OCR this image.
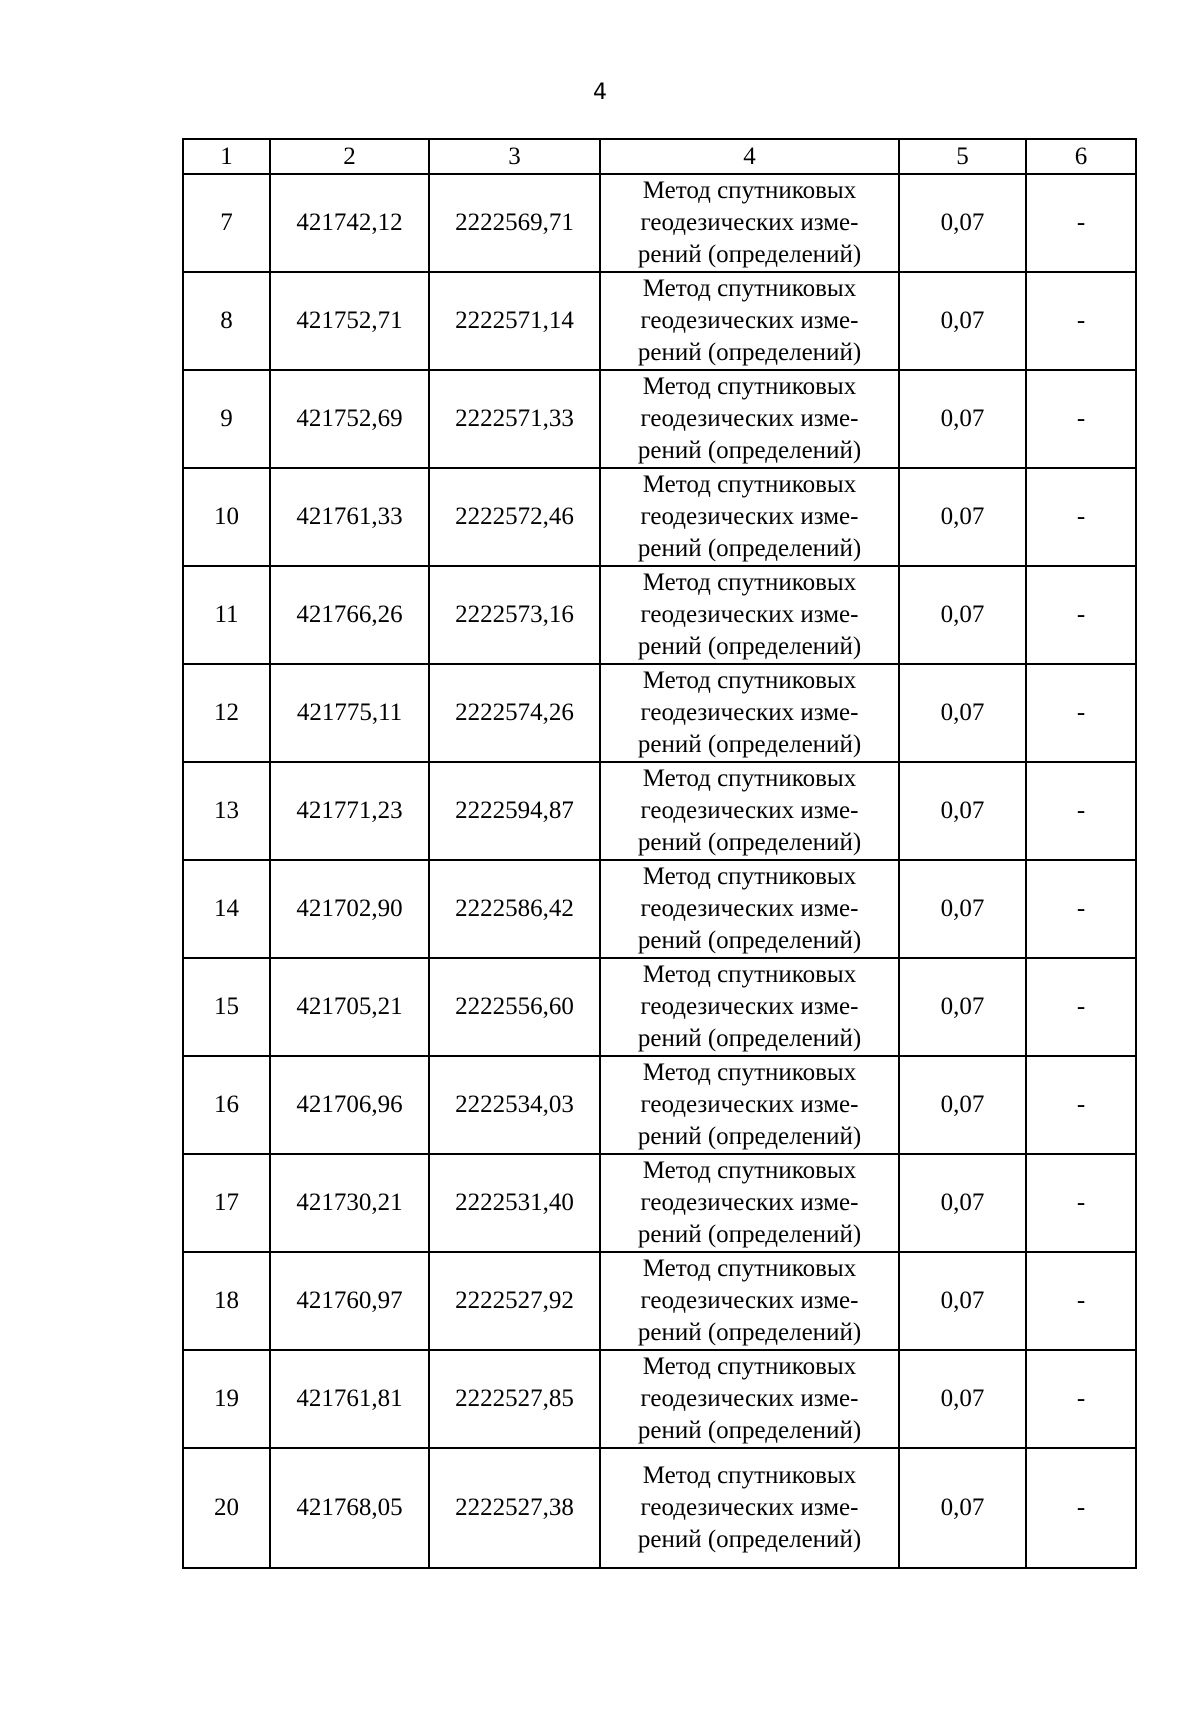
4
1	2	3	4	5	6
7	421742,12	2222569,71	Метод спутниковых
геодезических изме-
рений (определений)	0,07	-
8	421752,71	2222571,14	Метод спутниковых
геодезических изме-
рений (определений)	0,07	-
9	421752,69	2222571,33	Метод спутниковых
геодезических изме-
рений (определений)	0,07	-
10	421761,33	2222572,46	Метод спутниковых
геодезических изме-
рений (определений)	0,07	-
11	421766,26	2222573,16	Метод спутниковых
геодезических изме-
рений (определений)	0,07	-
12	421775,11	2222574,26	Метод спутниковых
геодезических изме-
рений (определений)	0,07	-
13	421771,23	2222594,87	Метод спутниковых
геодезических изме-
рений (определений)	0,07	-
14	421702,90	2222586,42	Метод спутниковых
геодезических изме-
рений (определений)	0,07	-
15	421705,21	2222556,60	Метод спутниковых
геодезических изме-
рений (определений)	0,07	-
16	421706,96	2222534,03	Метод спутниковых
геодезических изме-
рений (определений)	0,07	-
17	421730,21	2222531,40	Метод спутниковых
геодезических изме-
рений (определений)	0,07	-
18	421760,97	2222527,92	Метод спутниковых
геодезических изме-
рений (определений)	0,07	-
19	421761,81	2222527,85	Метод спутниковых
геодезических изме-
рений (определений)	0,07	-
20	421768,05	2222527,38	Метод спутниковых
геодезических изме-
рений (определений)	0,07	-
